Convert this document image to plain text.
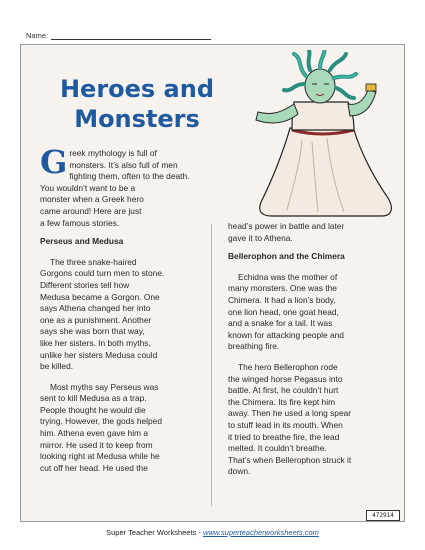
Name:
Heroes and
Monsters
G reek mythology is full of

monsters. It’s also full of men

fighting them, often to the death.

You wouldn’t want to be a

monster when a Greek hero

came around! Here are just

a few famous stories.

Perseus and Medusa

The three snake-haired

Gorgons could turn men to stone.

Different stories tell how

Medusa became a Gorgon. One

says Athena changed her into

one as a punishment. Another

says she was born that way,

like her sisters. In both myths,

unlike her sisters Medusa could

be killed.

Most myths say Perseus was

sent to kill Medusa as a trap.

People thought he would die

trying. However, the gods helped

him. Athena even gave him a

mirror. He used it to keep from

looking right at Medusa while he

cut off her head. He used the

head’s power in battle and later

gave it to Athena.

Bellerophon and the Chimera

Echidna was the mother of

many monsters. One was the

Chimera. It had a lion’s body,

one lion head, one goat head,

and a snake for a tail. It was

known for attacking people and

breathing fire.

The hero Bellerophon rode

the winged horse Pegasus into

battle. At first, he couldn’t hurt

the Chimera. Its fire kept him

away. Then he used a long spear

to stuff lead in its mouth. When

it tried to breathe fire, the lead

melted. It couldn’t breathe.

That’s when Bellerophon struck it

down.

472914
Super Teacher Worksheets - www.superteacherworksheets.com
